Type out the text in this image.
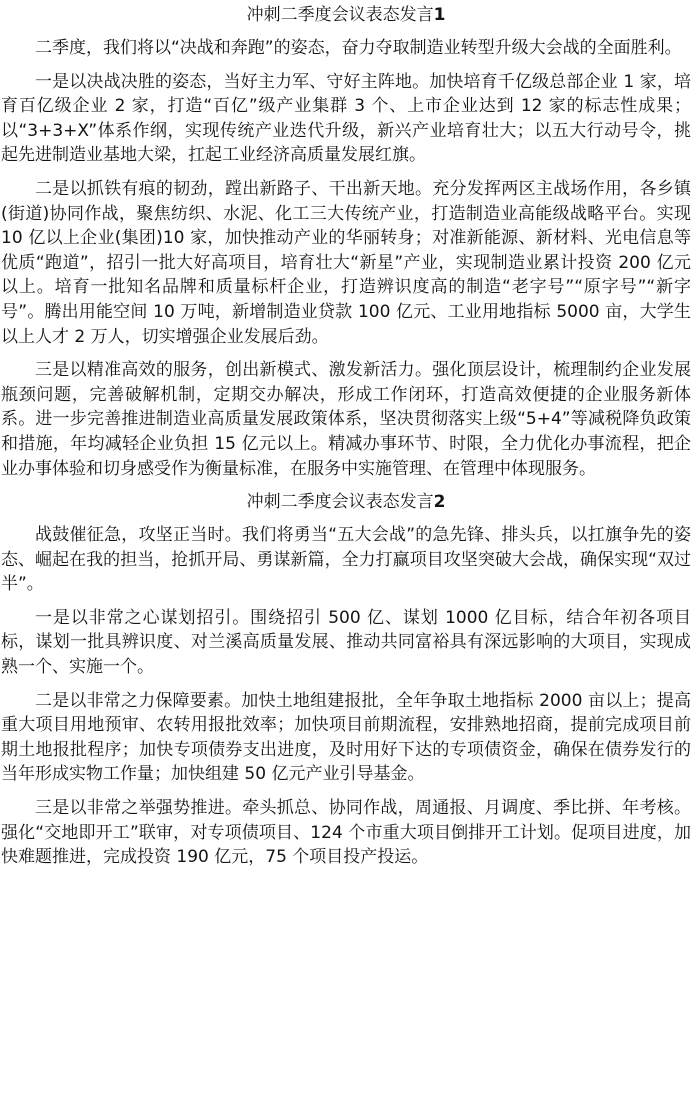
冲刺二季度会议表态发言1

二季度，我们将以“决战和奔跑”的姿态，奋力夺取制造业转型升级大会战的全面胜利。

一是以决战决胜的姿态，当好主力军、守好主阵地。加快培育千亿级总部企业 1 家，培育百亿级企业 2 家，打造“百亿”级产业集群 3 个、上市企业达到 12 家的标志性成果；以“3+3+X”体系作纲，实现传统产业迭代升级，新兴产业培育壮大；以五大行动号令，挑起先进制造业基地大梁，扛起工业经济高质量发展红旗。

二是以抓铁有痕的韧劲，蹚出新路子、干出新天地。充分发挥两区主战场作用，各乡镇(街道)协同作战，聚焦纺织、水泥、化工三大传统产业，打造制造业高能级战略平台。实现 10 亿以上企业(集团)10 家，加快推动产业的华丽转身；对准新能源、新材料、光电信息等优质“跑道”，招引一批大好高项目，培育壮大“新星”产业，实现制造业累计投资 200 亿元以上。培育一批知名品牌和质量标杆企业，打造辨识度高的制造“老字号”“原字号”“新字号”。腾出用能空间 10 万吨，新增制造业贷款 100 亿元、工业用地指标 5000 亩，大学生以上人才 2 万人，切实增强企业发展后劲。

三是以精准高效的服务，创出新模式、激发新活力。强化顶层设计，梳理制约企业发展瓶颈问题，完善破解机制，定期交办解决，形成工作闭环，打造高效便捷的企业服务新体系。进一步完善推进制造业高质量发展政策体系，坚决贯彻落实上级“5+4”等减税降负政策和措施，年均减轻企业负担 15 亿元以上。精减办事环节、时限，全力优化办事流程，把企业办事体验和切身感受作为衡量标准，在服务中实施管理、在管理中体现服务。

冲刺二季度会议表态发言2

战鼓催征急，攻坚正当时。我们将勇当“五大会战”的急先锋、排头兵，以扛旗争先的姿态、崛起在我的担当，抢抓开局、勇谋新篇，全力打赢项目攻坚突破大会战，确保实现“双过半”。

一是以非常之心谋划招引。围绕招引 500 亿、谋划 1000 亿目标，结合年初各项目标，谋划一批具辨识度、对兰溪高质量发展、推动共同富裕具有深远影响的大项目，实现成熟一个、实施一个。

二是以非常之力保障要素。加快土地组建报批，全年争取土地指标 2000 亩以上；提高重大项目用地预审、农转用报批效率；加快项目前期流程，安排熟地招商，提前完成项目前期土地报批程序；加快专项债券支出进度，及时用好下达的专项债资金，确保在债券发行的当年形成实物工作量；加快组建 50 亿元产业引导基金。

三是以非常之举强势推进。牵头抓总、协同作战，周通报、月调度、季比拼、年考核。强化“交地即开工”联审，对专项债项目、124 个市重大项目倒排开工计划。促项目进度，加快难题推进，完成投资 190 亿元，75 个项目投产投运。
